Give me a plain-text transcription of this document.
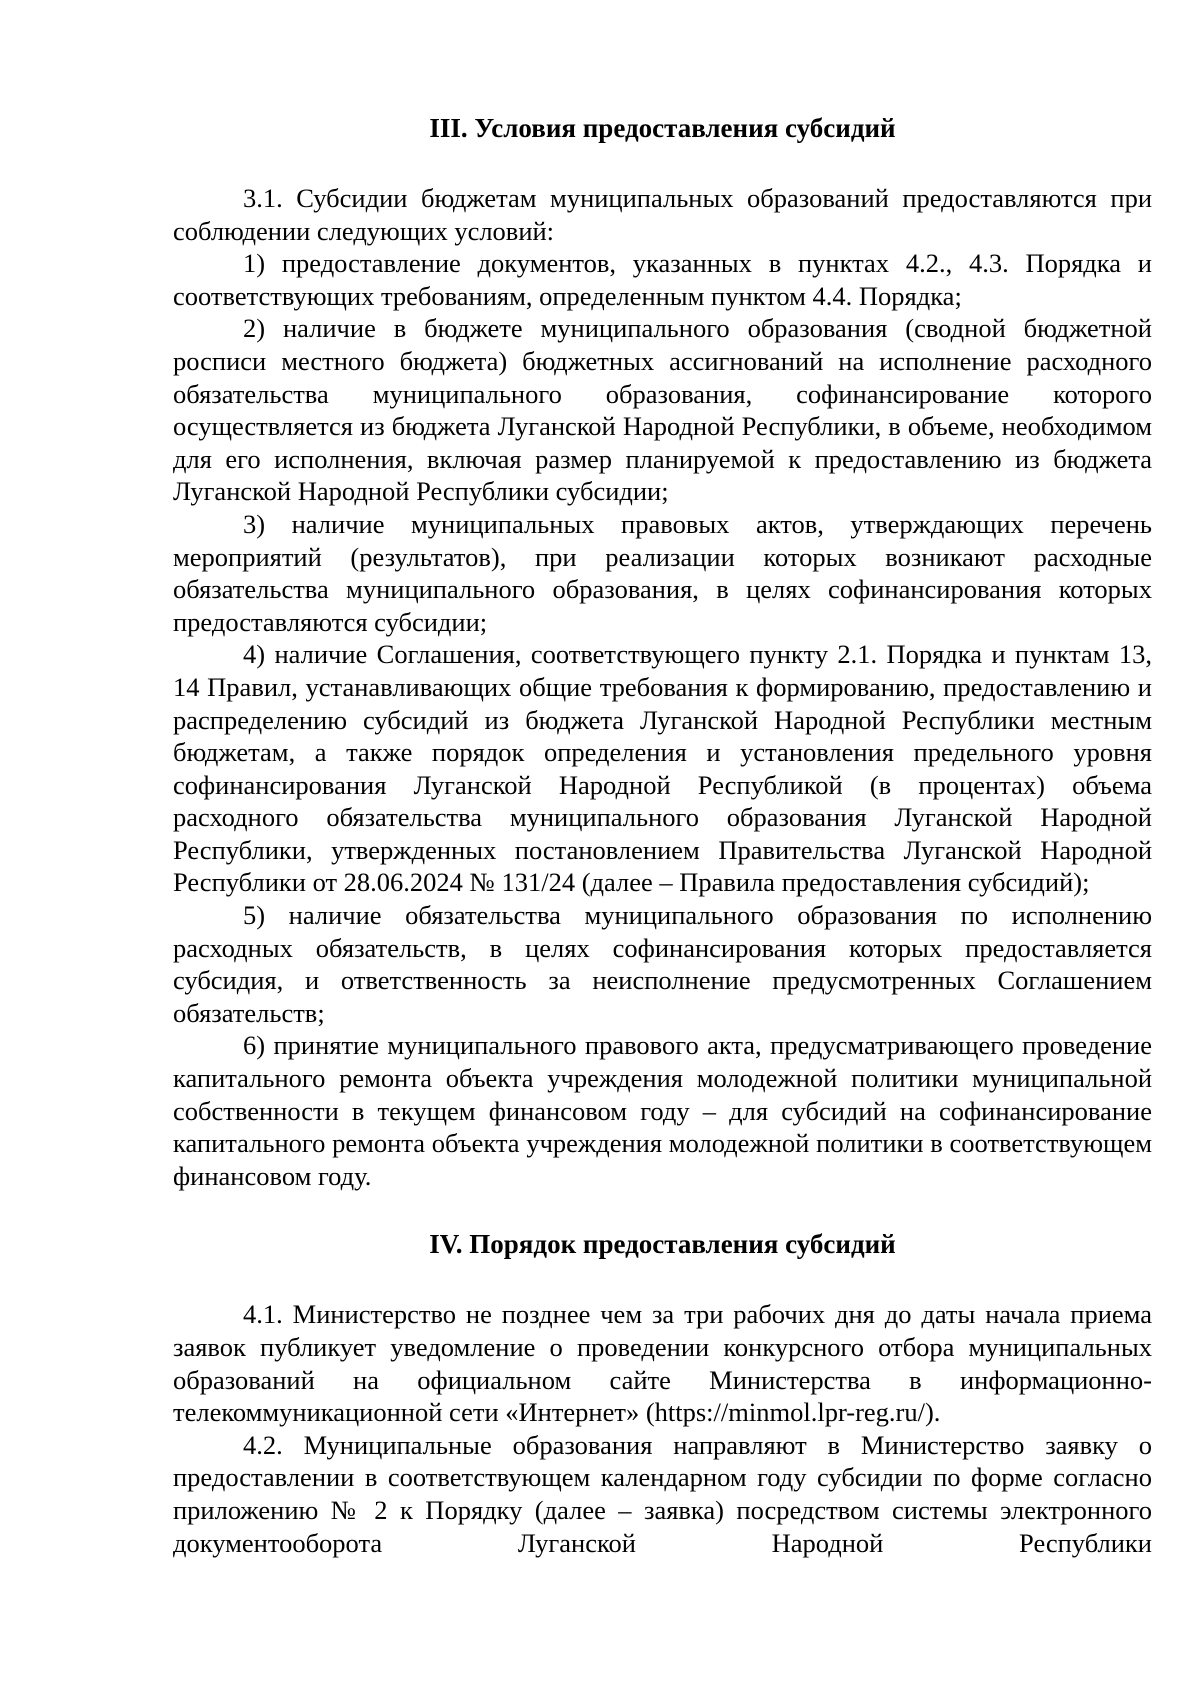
III. Условия предоставления субсидий

3.1. Субсидии бюджетам муниципальных образований предоставляются при соблюдении следующих условий:

1) предоставление документов, указанных в пунктах 4.2., 4.3. Порядка и соответствующих требованиям, определенным пунктом 4.4. Порядка;

2) наличие в бюджете муниципального образования (сводной бюджетной росписи местного бюджета) бюджетных ассигнований на исполнение расходного обязательства муниципального образования, софинансирование которого осуществляется из бюджета Луганской Народной Республики, в объеме, необходимом для его исполнения, включая размер планируемой к предоставлению из бюджета Луганской Народной Республики субсидии;

3) наличие муниципальных правовых актов, утверждающих перечень мероприятий (результатов), при реализации которых возникают расходные обязательства муниципального образования, в целях софинансирования которых предоставляются субсидии;

4) наличие Соглашения, соответствующего пункту 2.1. Порядка и пунктам 13, 14 Правил, устанавливающих общие требования к формированию, предоставлению и распределению субсидий из бюджета Луганской Народной Республики местным бюджетам, а также порядок определения и установления предельного уровня софинансирования Луганской Народной Республикой (в процентах) объема расходного обязательства муниципального образования Луганской Народной Республики, утвержденных постановлением Правительства Луганской Народной Республики от 28.06.2024 № 131/24 (далее – Правила предоставления субсидий);

5) наличие обязательства муниципального образования по исполнению расходных обязательств, в целях софинансирования которых предоставляется субсидия, и ответственность за неисполнение предусмотренных Соглашением обязательств;

6) принятие муниципального правового акта, предусматривающего проведение капитального ремонта объекта учреждения молодежной политики муниципальной собственности в текущем финансовом году – для субсидий на софинансирование капитального ремонта объекта учреждения молодежной политики в соответствующем финансовом году.

IV. Порядок предоставления субсидий

4.1. Министерство не позднее чем за три рабочих дня до даты начала приема заявок публикует уведомление о проведении конкурсного отбора муниципальных образований на официальном сайте Министерства в информационно-телекоммуникационной сети «Интернет» (https://minmol.lpr-reg.ru/).

4.2. Муниципальные образования направляют в Министерство заявку о предоставлении в соответствующем календарном году субсидии по форме согласно приложению № 2 к Порядку (далее – заявка) посредством системы электронного документооборота Луганской Народной Республики
